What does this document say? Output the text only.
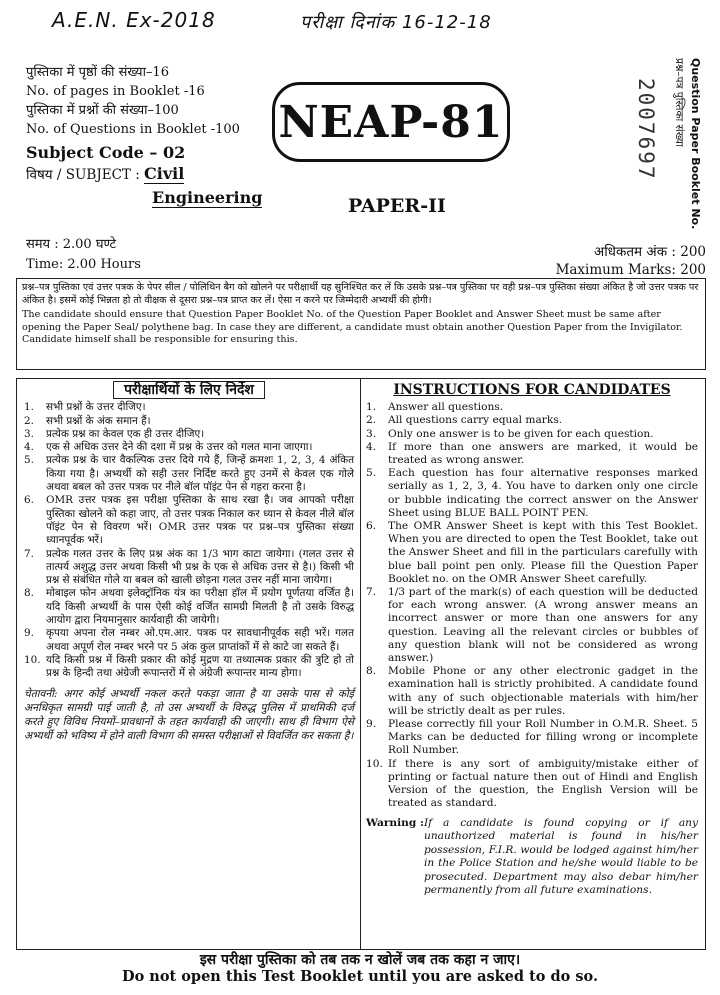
A.E.N. Ex-2018	परीक्षा दिनांक 16-12-18
पुस्तिका में पृष्ठों की संख्या–16
No. of pages in Booklet -16
पुस्तिका में प्रश्नों की संख्या–100
No. of Questions in Booklet -100
Subject Code – 02
विषय / SUBJECT : Civil
Engineering
NEAP-81
PAPER-II	Question Paper Booklet No.
प्रश्न–पत्र पुस्तिका संख्या
2007697
समय : 2.00 घण्टे
Time: 2.00 Hours
अधिकतम अंक : 200
Maximum Marks: 200

प्रश्न–पत्र पुस्तिका एवं उत्तर पत्रक के पेपर सील / पोलिथिन बैग को खोलने पर परीक्षार्थी यह सुनिश्चित कर लें कि उसके प्रश्न–पत्र पुस्तिका पर वही प्रश्न–पत्र पुस्तिका संख्या अंकित है जो उत्तर पत्रक पर अंकित है। इसमें कोई भिन्नता हो तो वीक्षक से दूसरा प्रश्न–पत्र प्राप्त कर लें। ऐसा न करने पर जिम्मेदारी अभ्यर्थी की होगी।

The candidate should ensure that Question Paper Booklet No. of the Question Paper Booklet and Answer Sheet must be same after opening the Paper Seal/ polythene bag. In case they are different, a candidate must obtain another Question Paper from the Invigilator. Candidate himself shall be responsible for ensuring this.

परीक्षार्थियों के लिए निर्देश
1.	सभी प्रश्नों के उत्तर दीजिए।
2.	सभी प्रश्नों के अंक समान हैं।
3.	प्रत्येक प्रश्न का केवल एक ही उत्तर दीजिए।
4.	एक से अधिक उत्तर देने की दशा में प्रश्न के उत्तर को गलत माना जाएगा।
5.	प्रत्येक प्रश्न के चार वैकल्पिक उत्तर दिये गये हैं, जिन्हें क्रमशः 1, 2, 3, 4 अंकित किया गया है। अभ्यर्थी को सही उत्तर निर्दिष्ट करते हुए उनमें से केवल एक गोले अथवा बबल को उत्तर पत्रक पर नीले बॉल पॉइंट पेन से गहरा करना है।
6.	OMR उत्तर पत्रक इस परीक्षा पुस्तिका के साथ रखा है। जब आपको परीक्षा पुस्तिका खोलने को कहा जाए, तो उत्तर पत्रक निकाल कर ध्यान से केवल नीले बॉल पॉइंट पेन से विवरण भरें। OMR उत्तर पत्रक पर प्रश्न–पत्र पुस्तिका संख्या ध्यानपूर्वक भरें।
7.	प्रत्येक गलत उत्तर के लिए प्रश्न अंक का 1/3 भाग काटा जायेगा। (गलत उत्तर से तात्पर्य अशुद्ध उत्तर अथवा किसी भी प्रश्न के एक से अधिक उत्तर से है।) किसी भी प्रश्न से संबंधित गोले या बबल को खाली छोड़ना गलत उत्तर नहीं माना जायेगा।
8.	मोबाइल फोन अथवा इलेक्ट्रॉनिक यंत्र का परीक्षा हॉल में प्रयोग पूर्णतया वर्जित है। यदि किसी अभ्यर्थी के पास ऐसी कोई वर्जित सामग्री मिलती है तो उसके विरुद्ध आयोग द्वारा नियमानुसार कार्यवाही की जायेगी।
9.	कृपया अपना रोल नम्बर ओ.एम.आर. पत्रक पर सावधानीपूर्वक सही भरें। गलत अथवा अपूर्ण रोल नम्बर भरने पर 5 अंक कुल प्राप्तांकों में से काटे जा सकते हैं।
10. यदि किसी प्रश्न में किसी प्रकार की कोई मुद्रण या तथ्यात्मक प्रकार की त्रुटि हो तो प्रश्न के हिन्दी तथा अंग्रेजी रूपान्तरों में से अंग्रेजी रूपान्तर मान्य होगा।
चेतावनी: अगर कोई अभ्यर्थी नकल करते पकड़ा जाता है या उसके पास से कोई अनधिकृत सामग्री पाई जाती है, तो उस अभ्यर्थी के विरुद्ध पुलिस में प्राथमिकी दर्ज करते हुए विविध नियमों–प्रावधानों के तहत कार्यवाही की जाएगी। साथ ही विभाग ऐसे अभ्यर्थी को भविष्य में होने वाली विभाग की समस्त परीक्षाओं से विवर्जित कर सकता है।
INSTRUCTIONS FOR CANDIDATES
1.	Answer all questions.
2.	All questions carry equal marks.
3.	Only one answer is to be given for each question.
4.	If more than one answers are marked, it would be treated as wrong answer.
5.	Each question has four alternative responses marked serially as 1, 2, 3, 4. You have to darken only one circle or bubble indicating the correct answer on the Answer Sheet using BLUE BALL POINT PEN.
6.	The OMR Answer Sheet is kept with this Test Booklet. When you are directed to open the Test Booklet, take out the Answer Sheet and fill in the particulars carefully with blue ball point pen only. Please fill the Question Paper Booklet no. on the OMR Answer Sheet carefully.
7.	1/3 part of the mark(s) of each question will be deducted for each wrong answer. (A wrong answer means an incorrect answer or more than one answers for any question. Leaving all the relevant circles or bubbles of any question blank will not be considered as wrong answer.)
8.	Mobile Phone or any other electronic gadget in the examination hall is strictly prohibited. A candidate found with any of such objectionable materials with him/her will be strictly dealt as per rules.
9.	Please correctly fill your Roll Number in O.M.R. Sheet. 5 Marks can be deducted for filling wrong or incomplete Roll Number.
10. If there is any sort of ambiguity/mistake either of printing or factual nature then out of Hindi and English Version of the question, the English Version will be treated as standard.
Warning : If a candidate is found copying or if any unauthorized material is found in his/her possession, F.I.R. would be lodged against him/her in the Police Station and he/she would liable to be prosecuted. Department may also debar him/her permanently from all future examinations.
इस परीक्षा पुस्तिका को तब तक न खोलें जब तक कहा न जाए।
Do not open this Test Booklet until you are asked to do so.
